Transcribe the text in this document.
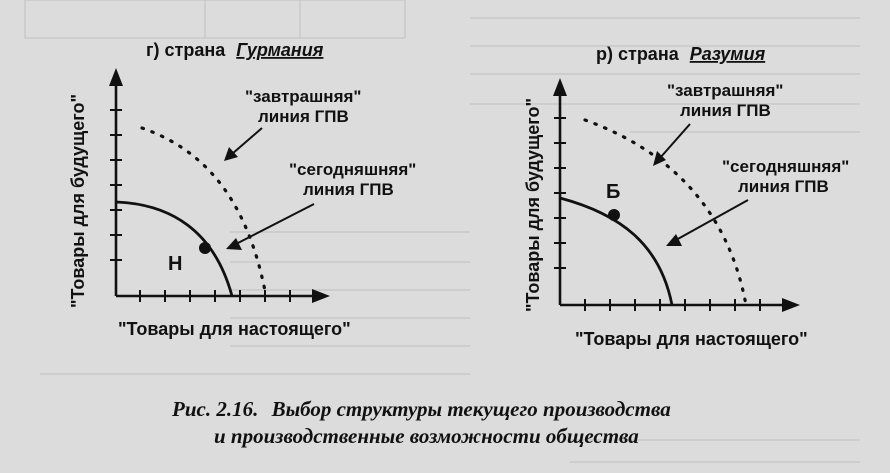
г) страна Гурмания
"Товары для будущего"
"Товары для настоящего"
Н
"завтрашняя"
линия ГПВ
"сегодняшняя"
линия ГПВ
р) страна Разумия
"Товары для будущего"
"Товары для настоящего"
Б
"завтрашняя"
линия ГПВ
"сегодняшняя"
линия ГПВ
Рис. 2.16. Выбор структуры текущего производства
и производственные возможности общества
